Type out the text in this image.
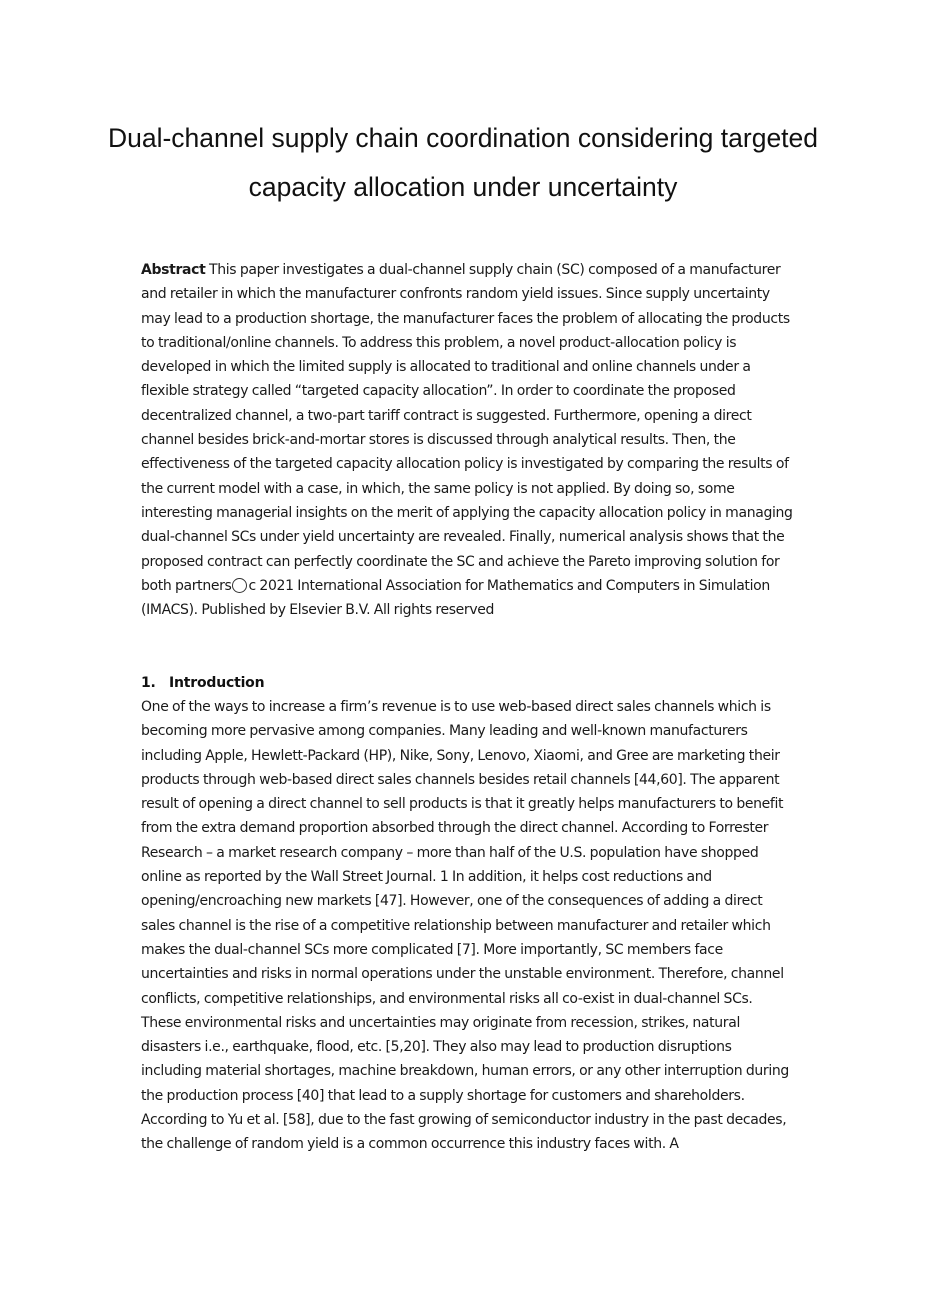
Dual-channel supply chain coordination considering targeted capacity allocation under uncertainty

Abstract This paper investigates a dual-channel supply chain (SC) composed of a manufacturer and retailer in which the manufacturer confronts random yield issues. Since supply uncertainty may lead to a production shortage, the manufacturer faces the problem of allocating the products to traditional/online channels. To address this problem, a novel product-allocation policy is developed in which the limited supply is allocated to traditional and online channels under a flexible strategy called “targeted capacity allocation”. In order to coordinate the proposed decentralized channel, a two-part tariff contract is suggested. Furthermore, opening a direct channel besides brick-and-mortar stores is discussed through analytical results. Then, the effectiveness of the targeted capacity allocation policy is investigated by comparing the results of the current model with a case, in which, the same policy is not applied. By doing so, some interesting managerial insights on the merit of applying the capacity allocation policy in managing dual-channel SCs under yield uncertainty are revealed. Finally, numerical analysis shows that the proposed contract can perfectly coordinate the SC and achieve the Pareto improving solution for both partners c 2021 International Association for Mathematics and Computers in Simulation (IMACS). Published by Elsevier B.V. All rights reserved

1. Introduction

One of the ways to increase a firm’s revenue is to use web-based direct sales channels which is becoming more pervasive among companies. Many leading and well-known manufacturers including Apple, Hewlett-Packard (HP), Nike, Sony, Lenovo, Xiaomi, and Gree are marketing their products through web-based direct sales channels besides retail channels [44,60]. The apparent result of opening a direct channel to sell products is that it greatly helps manufacturers to benefit from the extra demand proportion absorbed through the direct channel. According to Forrester Research – a market research company – more than half of the U.S. population have shopped online as reported by the Wall Street Journal. 1 In addition, it helps cost reductions and opening/encroaching new markets [47]. However, one of the consequences of adding a direct sales channel is the rise of a competitive relationship between manufacturer and retailer which makes the dual-channel SCs more complicated [7]. More importantly, SC members face uncertainties and risks in normal operations under the unstable environment. Therefore, channel conflicts, competitive relationships, and environmental risks all co-exist in dual-channel SCs. These environmental risks and uncertainties may originate from recession, strikes, natural disasters i.e., earthquake, flood, etc. [5,20]. They also may lead to production disruptions including material shortages, machine breakdown, human errors, or any other interruption during the production process [40] that lead to a supply shortage for customers and shareholders. According to Yu et al. [58], due to the fast growing of semiconductor industry in the past decades, the challenge of random yield is a common occurrence this industry faces with. A
